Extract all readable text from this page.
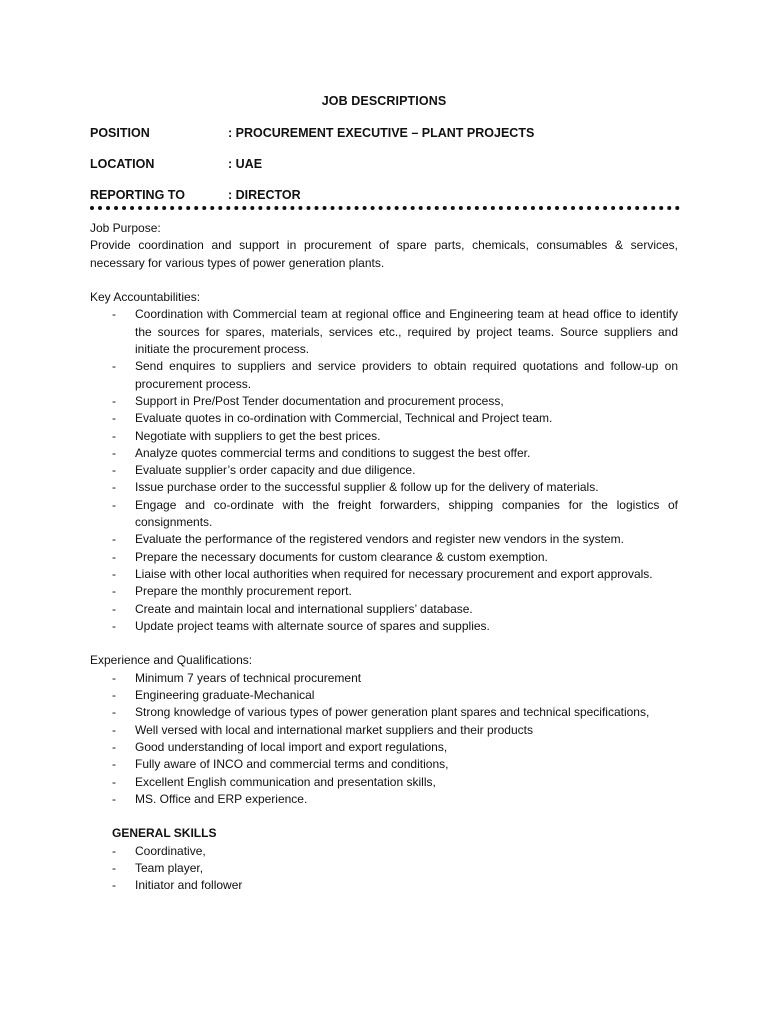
JOB DESCRIPTIONS
POSITION	: PROCUREMENT EXECUTIVE – PLANT PROJECTS
LOCATION	: UAE
REPORTING TO	: DIRECTOR

Job Purpose:

Provide coordination and support in procurement of spare parts, chemicals, consumables & services, necessary for various types of power generation plants.

Key Accountabilities:

- Coordination with Commercial team at regional office and Engineering team at head office to identify the sources for spares, materials, services etc., required by project teams. Source suppliers and initiate the procurement process.
- Send enquires to suppliers and service providers to obtain required quotations and follow-up on procurement process.
- Support in Pre/Post Tender documentation and procurement process,
- Evaluate quotes in co-ordination with Commercial, Technical and Project team.
- Negotiate with suppliers to get the best prices.
- Analyze quotes commercial terms and conditions to suggest the best offer.
- Evaluate supplier’s order capacity and due diligence.
- Issue purchase order to the successful supplier & follow up for the delivery of materials.
- Engage and co-ordinate with the freight forwarders, shipping companies for the logistics of consignments.
- Evaluate the performance of the registered vendors and register new vendors in the system.
- Prepare the necessary documents for custom clearance & custom exemption.
- Liaise with other local authorities when required for necessary procurement and export approvals.
- Prepare the monthly procurement report.
- Create and maintain local and international suppliers’ database.
- Update project teams with alternate source of spares and supplies.

Experience and Qualifications:

- Minimum 7 years of technical procurement
- Engineering graduate-Mechanical
- Strong knowledge of various types of power generation plant spares and technical specifications,
- Well versed with local and international market suppliers and their products
- Good understanding of local import and export regulations,
- Fully aware of INCO and commercial terms and conditions,
- Excellent English communication and presentation skills,
- MS. Office and ERP experience.

GENERAL SKILLS

- Coordinative,
- Team player,
- Initiator and follower
